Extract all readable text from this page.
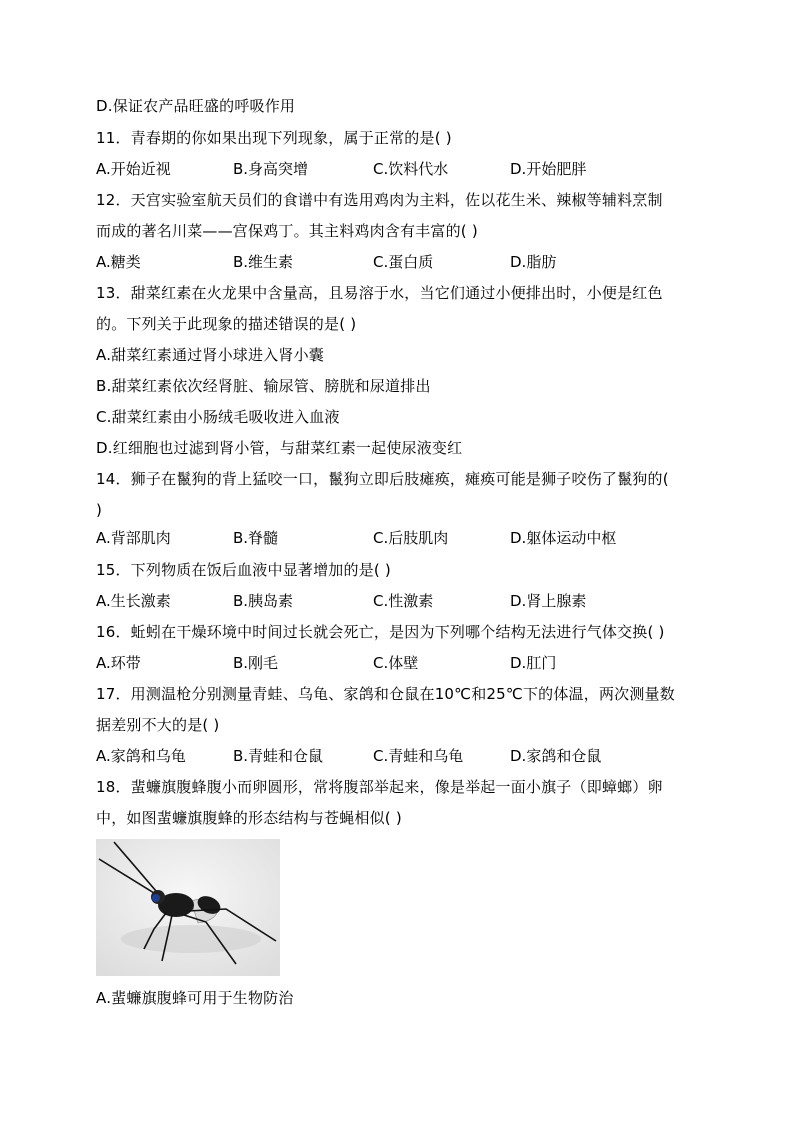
D.保证农产品旺盛的呼吸作用
11．青春期的你如果出现下列现象，属于正常的是( )
A.开始近视	B.身高突增	C.饮料代水	D.开始肥胖
12．天宫实验室航天员们的食谱中有选用鸡肉为主料，佐以花生米、辣椒等辅料烹制
而成的著名川菜——宫保鸡丁。其主料鸡肉含有丰富的( )
A.糖类	B.维生素	C.蛋白质	D.脂肪
13．甜菜红素在火龙果中含量高，且易溶于水，当它们通过小便排出时，小便是红色
的。下列关于此现象的描述错误的是( )
A.甜菜红素通过肾小球进入肾小囊
B.甜菜红素依次经肾脏、输尿管、膀胱和尿道排出
C.甜菜红素由小肠绒毛吸收进入血液
D.红细胞也过滤到肾小管，与甜菜红素一起使尿液变红
14．狮子在鬣狗的背上猛咬一口，鬣狗立即后肢瘫痪，瘫痪可能是狮子咬伤了鬣狗的(
)
A.背部肌肉	B.脊髓	C.后肢肌肉	D.躯体运动中枢
15．下列物质在饭后血液中显著增加的是( )
A.生长激素	B.胰岛素	C.性激素	D.肾上腺素
16．蚯蚓在干燥环境中时间过长就会死亡，是因为下列哪个结构无法进行气体交换( )
A.环带	B.刚毛	C.体壁	D.肛门
17．用测温枪分别测量青蛙、乌龟、家鸽和仓鼠在10℃和25℃下的体温，两次测量数
据差别不大的是( )
A.家鸽和乌龟	B.青蛙和仓鼠	C.青蛙和乌龟	D.家鸽和仓鼠
18．蜚蠊旗腹蜂腹小而卵圆形，常将腹部举起来，像是举起一面小旗子（即蟑螂）卵
中，如图蜚蠊旗腹蜂的形态结构与苍蝇相似( )
A.蜚蠊旗腹蜂可用于生物防治
